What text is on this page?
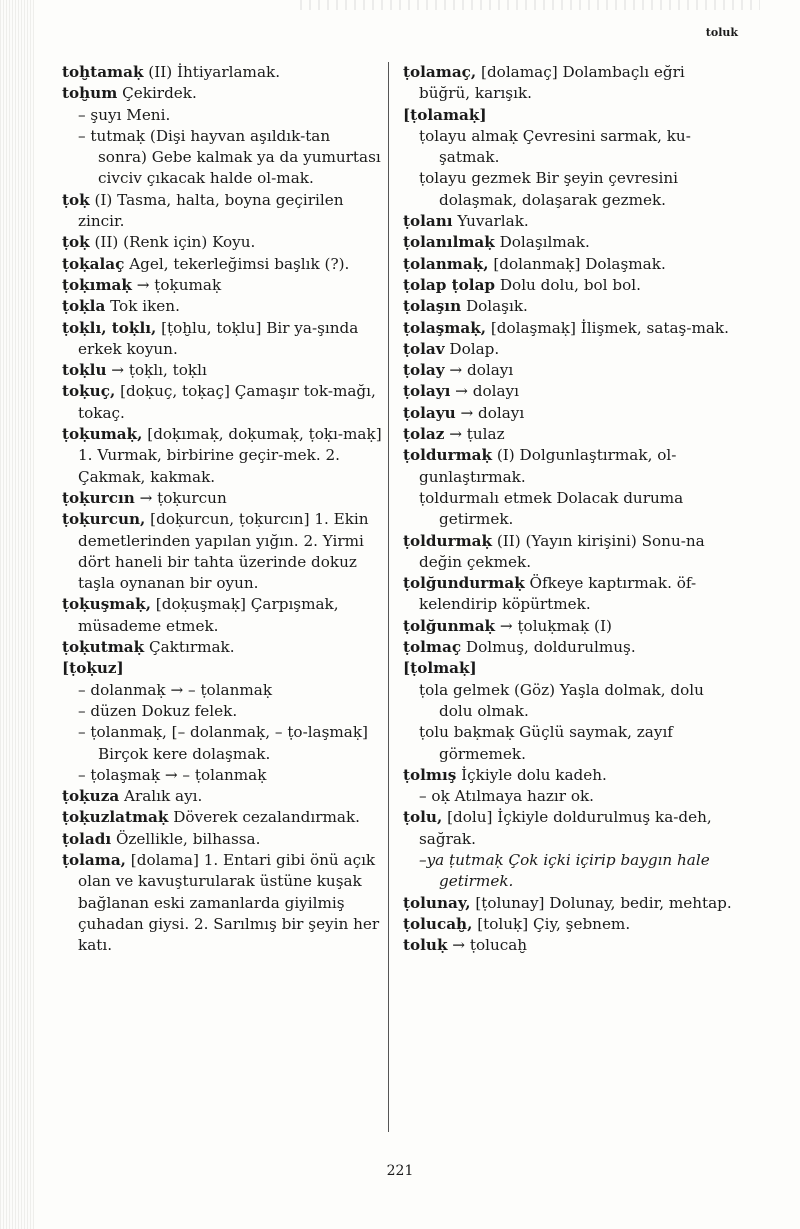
toluk

toḫtamaḳ (II) İhtiyarlamak.

toḫum Çekirdek.

– şuyı Meni.

– tutmaḳ (Dişi hayvan aşıldık-tan sonra) Gebe kalmak ya da yumurtası civciv çıkacak halde ol-mak.

ṭoḳ (I) Tasma, halta, boyna geçirilen zincir.

ṭoḳ (II) (Renk için) Koyu.

ṭoḳalaç Agel, tekerleğimsi başlık (?).

ṭoḳımaḳ → ṭoḳumaḳ

ṭoḳla Tok iken.

ṭoḳlı, toḳlı, [ṭoḫlu, toḳlu] Bir ya-şında erkek koyun.

toḳlu → ṭoḳlı, toḳlı

toḳuç, [doḳuç, toḳaç] Çamaşır tok-mağı, tokaç.

ṭoḳumaḳ, [doḳımaḳ, doḳumaḳ, ṭoḳı-maḳ] 1. Vurmak, birbirine geçir-mek. 2. Çakmak, kakmak.

ṭoḳurcın → ṭoḳurcun

ṭoḳurcun, [doḳurcun, ṭoḳurcın] 1. Ekin demetlerinden yapılan yığın. 2. Yirmi dört haneli bir tahta üzerinde dokuz taşla oynanan bir oyun.

ṭoḳuşmaḳ, [doḳuşmaḳ] Çarpışmak, müsademe etmek.

ṭoḳutmaḳ Çaktırmak.

[ṭoḳuz]

– dolanmaḳ → – ṭolanmaḳ

– düzen Dokuz felek.

– ṭolanmaḳ, [– dolanmaḳ, – ṭo-laşmaḳ] Birçok kere dolaşmak.

– ṭolaşmaḳ → – ṭolanmaḳ

ṭoḳuza Aralık ayı.

ṭoḳuzlatmaḳ Döverek cezalandırmak.

ṭoladı Özellikle, bilhassa.

ṭolama, [dolama] 1. Entari gibi önü açık olan ve kavuşturularak üstüne kuşak bağlanan eski zamanlarda giyilmiş çuhadan giysi. 2. Sarılmış bir şeyin her katı.

ṭolamaç, [dolamaç] Dolambaçlı eğri büğrü, karışık.

[ṭolamaḳ]

ṭolayu almaḳ Çevresini sarmak, ku-şatmak.

ṭolayu gezmek Bir şeyin çevresini dolaşmak, dolaşarak gezmek.

ṭolanı Yuvarlak.

ṭolanılmaḳ Dolaşılmak.

ṭolanmaḳ, [dolanmaḳ] Dolaşmak.

ṭolap ṭolap Dolu dolu, bol bol.

ṭolaşın Dolaşık.

ṭolaşmaḳ, [dolaşmaḳ] İlişmek, sataş-mak.

ṭolav Dolap.

ṭolay → dolayı

ṭolayı → dolayı

ṭolayu → dolayı

ṭolaz → ṭulaz

ṭoldurmaḳ (I) Dolgunlaştırmak, ol-gunlaştırmak.

ṭoldurmalı etmek Dolacak duruma getirmek.

ṭoldurmaḳ (II) (Yayın kirişini) Sonu-na değin çekmek.

ṭolğundurmaḳ Öfkeye kaptırmak. öf-kelendirip köpürtmek.

ṭolğunmaḳ → ṭoluḳmaḳ (I)

ṭolmaç Dolmuş, doldurulmuş.

[ṭolmaḳ]

ṭola gelmek (Göz) Yaşla dolmak, dolu dolu olmak.

ṭolu baḳmaḳ Güçlü saymak, zayıf görmemek.

ṭolmış İçkiyle dolu kadeh.

– oḳ Atılmaya hazır ok.

ṭolu, [dolu] İçkiyle doldurulmuş ka-deh, sağrak.

–ya ṭutmaḳ Çok içki içirip baygın hale getirmek.

ṭolunay, [ṭolunay] Dolunay, bedir, mehtap.

ṭolucaḫ, [toluḳ] Çiy, şebnem.

toluḳ → ṭolucaḫ

221
